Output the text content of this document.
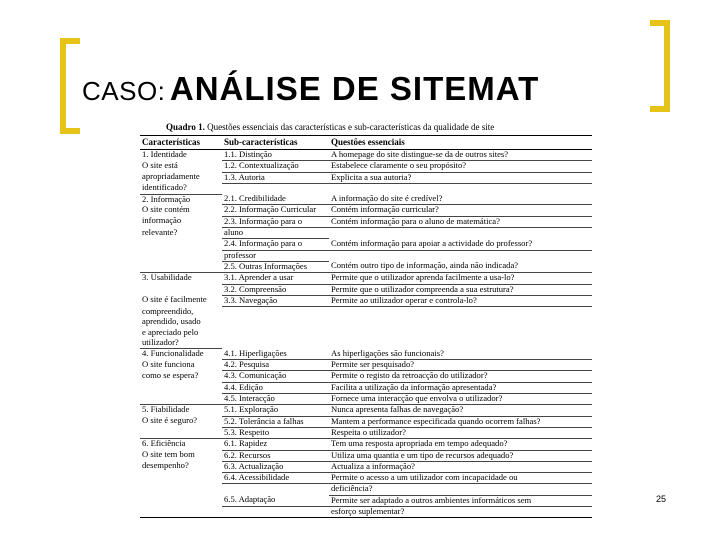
CASO: ANÁLISE DE SITEMAT
Quadro 1. Questões essenciais das características e sub-características da qualidade de site
Características	Sub-características	Questões essenciais
1. Identidade	1.1. Distinção	A homepage do site distingue-se da de outros sites?
O site está	1.2. Contextualização	Estabelece claramente o seu propósito?
apropriadamente	1.3. Autoria	Explicita a sua autoria?
identificado?		
2. Informação	2.1. Credibilidade	A informação do site é credível?
O site contém	2.2. Informação Curricular	Contém informação curricular?
informação	2.3. Informação para o	Contém informação para o aluno de matemática?
relevante?	aluno	
	2.4. Informação para o	Contém informação para apoiar a actividade do professor?
	professor	
	2.5. Outras Informações	Contém outro tipo de informação, ainda não indicada?
3. Usabilidade	3.1. Aprender a usar	Permite que o utilizador aprenda facilmente a usa-lo?
	3.2. Compreensão	Permite que o utilizador compreenda a sua estrutura?
O site é facilmente	3.3. Navegação	Permite ao utilizador operar e controla-lo?
compreendido,		
aprendido, usado		
e apreciado pelo		
utilizador?		
4. Funcionalidade	4.1. Hiperligações	As hiperligações são funcionais?
O site funciona	4.2. Pesquisa	Permite ser pesquisado?
como se espera?	4.3. Comunicação	Permite o registo da retroacção do utilizador?
	4.4. Edição	Facilita a utilização da informação apresentada?
	4.5. Interacção	Fornece uma interacção que envolva o utilizador?
5. Fiabilidade	5.1. Exploração	Nunca apresenta falhas de navegação?
O site é seguro?	5.2. Tolerância a falhas	Mantem a performance especificada quando ocorrem falhas?
	5.3. Respeito	Respeita o utilizador?
6. Eficiência	6.1. Rapidez	Tem uma resposta apropriada em tempo adequado?
O site tem bom	6.2. Recursos	Utiliza uma quantia e um tipo de recursos adequado?
desempenho?	6.3. Actualização	Actualiza a informação?
	6.4. Acessibilidade	Permite o acesso a um utilizador com incapacidade ou
		deficiência?
	6.5. Adaptação	Permite ser adaptado a outros ambientes informáticos sem
		esforço suplementar?
25
